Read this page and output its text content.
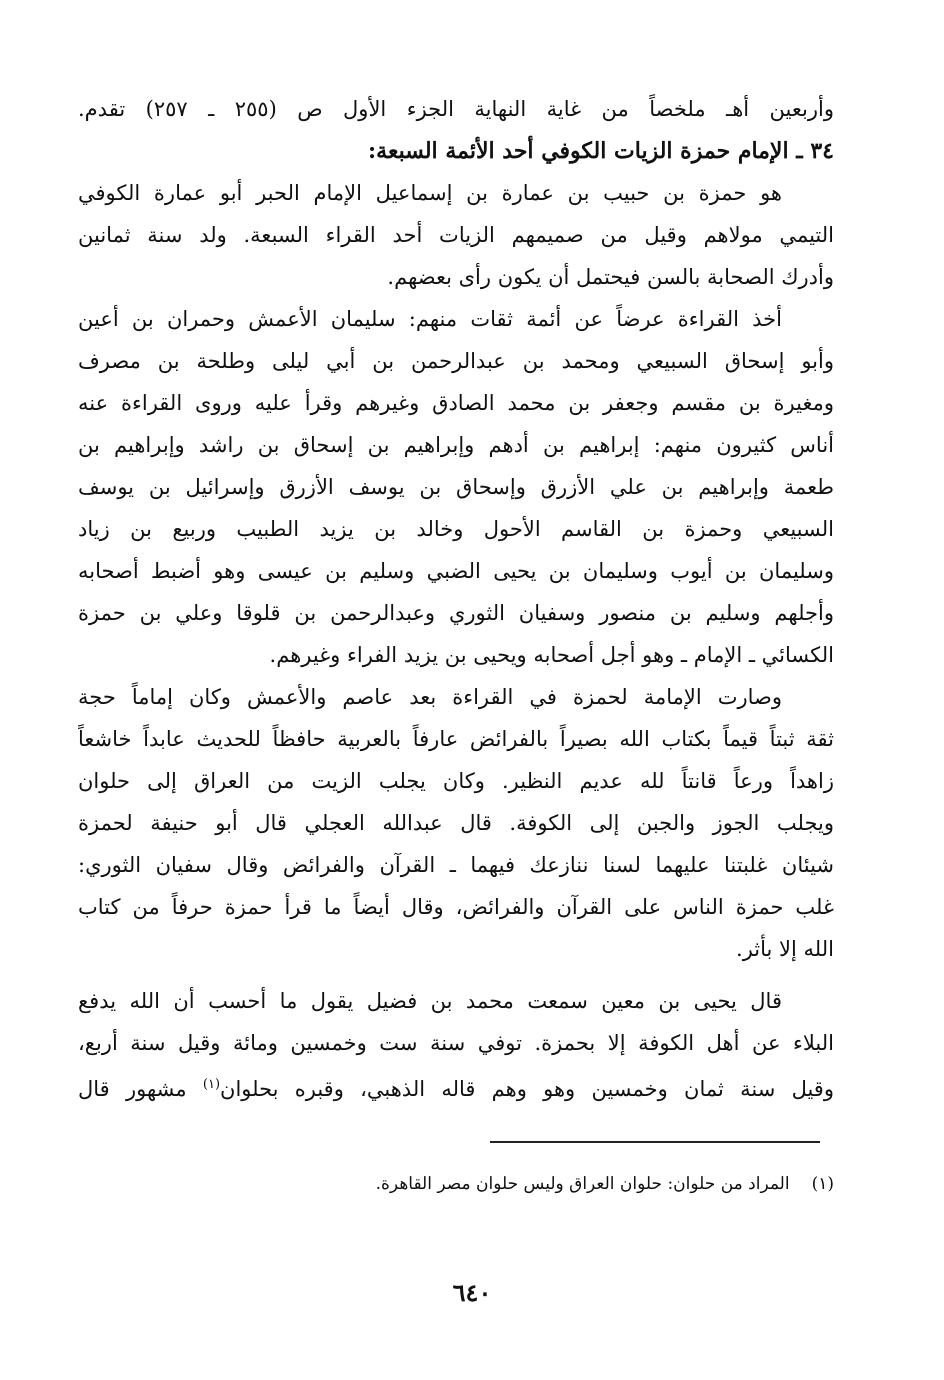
وأربعين أهـ ملخصاً من غاية النهاية الجزء الأول ص (٢٥٥ ـ ٢٥٧) تقدم.
٣٤ ـ الإمام حمزة الزيات الكوفي أحد الأئمة السبعة:
هو حمزة بن حبيب بن عمارة بن إسماعيل الإمام الحبر أبو عمارة الكوفي
التيمي مولاهم وقيل من صميمهم الزيات أحد القراء السبعة. ولد سنة ثمانين
وأدرك الصحابة بالسن فيحتمل أن يكون رأى بعضهم.
أخذ القراءة عرضاً عن أئمة ثقات منهم: سليمان الأعمش وحمران بن أعين
وأبو إسحاق السبيعي ومحمد بن عبدالرحمن بن أبي ليلى وطلحة بن مصرف
ومغيرة بن مقسم وجعفر بن محمد الصادق وغيرهم وقرأ عليه وروى القراءة عنه
أناس كثيرون منهم: إبراهيم بن أدهم وإبراهيم بن إسحاق بن راشد وإبراهيم بن
طعمة وإبراهيم بن علي الأزرق وإسحاق بن يوسف الأزرق وإسرائيل بن يوسف
السبيعي وحمزة بن القاسم الأحول وخالد بن يزيد الطبيب وربيع بن زياد
وسليمان بن أيوب وسليمان بن يحيى الضبي وسليم بن عيسى وهو أضبط أصحابه
وأجلهم وسليم بن منصور وسفيان الثوري وعبدالرحمن بن قلوقا وعلي بن حمزة
الكسائي ـ الإمام ـ وهو أجل أصحابه ويحيى بن يزيد الفراء وغيرهم.
وصارت الإمامة لحمزة في القراءة بعد عاصم والأعمش وكان إماماً حجة
ثقة ثبتاً قيماً بكتاب الله بصيراً بالفرائض عارفاً بالعربية حافظاً للحديث عابداً خاشعاً
زاهداً ورعاً قانتاً لله عديم النظير. وكان يجلب الزيت من العراق إلى حلوان
ويجلب الجوز والجبن إلى الكوفة. قال عبدالله العجلي قال أبو حنيفة لحمزة
شيئان غلبتنا عليهما لسنا ننازعك فيهما ـ القرآن والفرائض وقال سفيان الثوري:
غلب حمزة الناس على القرآن والفرائض، وقال أيضاً ما قرأ حمزة حرفاً من كتاب
الله إلا بأثر.
قال يحيى بن معين سمعت محمد بن فضيل يقول ما أحسب أن الله يدفع
البلاء عن أهل الكوفة إلا بحمزة. توفي سنة ست وخمسين ومائة وقيل سنة أربع،
وقيل سنة ثمان وخمسين وهو وهم قاله الذهبي، وقبره بحلوان$^{(١)}$ مشهور قال
(١)المراد من حلوان: حلوان العراق وليس حلوان مصر القاهرة.
٦٤٠
